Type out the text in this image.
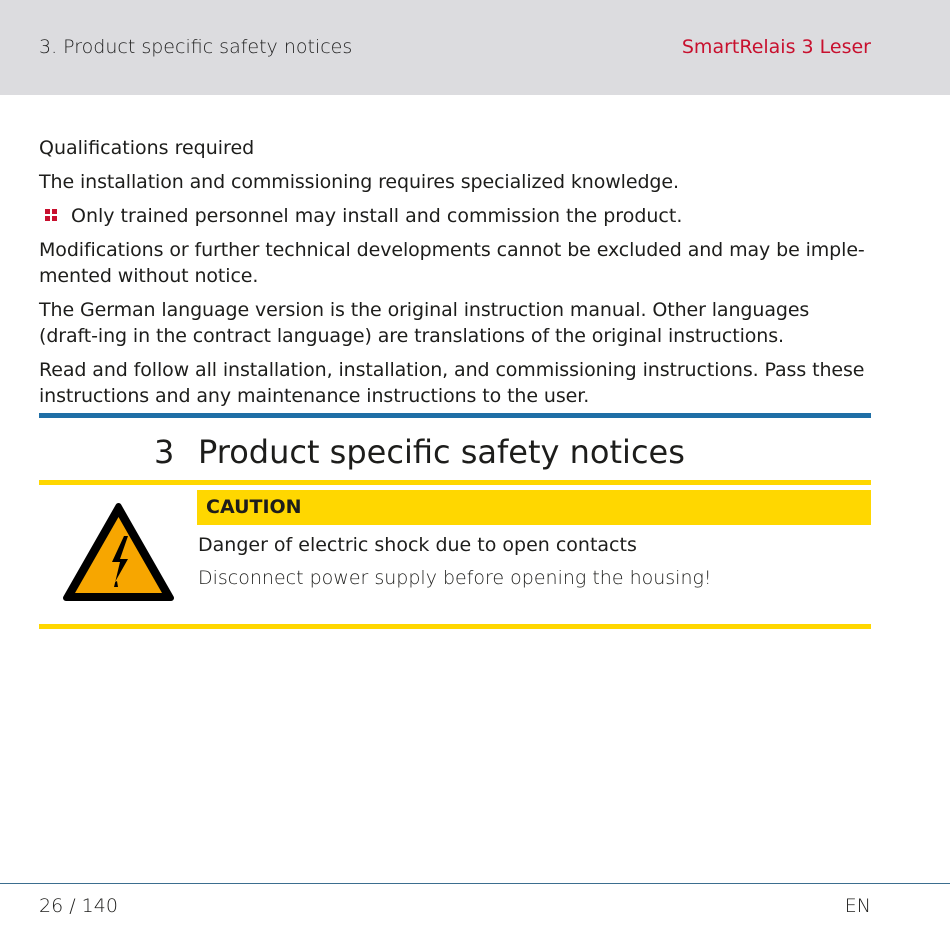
3. Product specific safety notices	SmartRelais 3 Leser
Qualifications required
The installation and commissioning requires specialized knowledge.
Only trained personnel may install and commission the product.
Modifications or further technical developments cannot be excluded and may be imple-mented without notice.
The German language version is the original instruction manual. Other languages (draft-ing in the contract language) are translations of the original instructions.
Read and follow all installation, installation, and commissioning instructions. Pass these instructions and any maintenance instructions to the user.
3 Product specific safety notices
CAUTION
Danger of electric shock due to open contacts
Disconnect power supply before opening the housing!
26 / 140	EN
